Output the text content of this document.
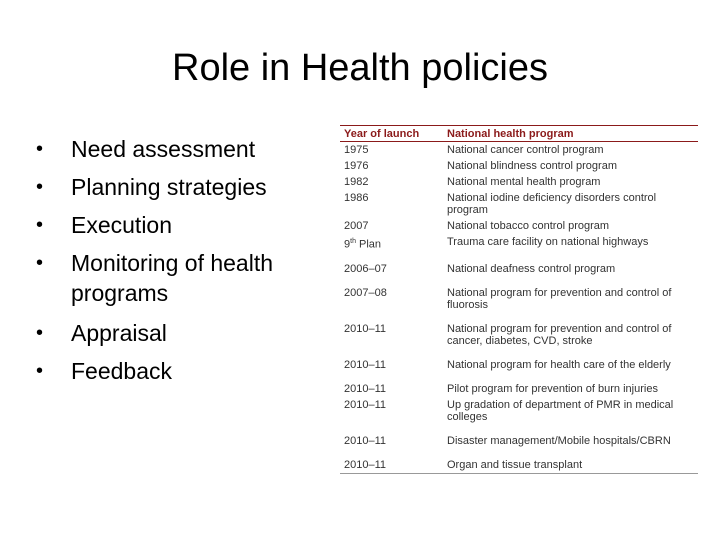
Role in Health policies
• Need assessment
• Planning strategies
• Execution
• Monitoring of health programs
• Appraisal
• Feedback
Year of launch	National health program
1975	National cancer control program
1976	National blindness control program
1982	National mental health program
1986	National iodine deficiency disorders control program
2007	National tobacco control program
9th Plan	Trauma care facility on national highways
2006–07	National deafness control program
2007–08	National program for prevention and control of fluorosis
2010–11	National program for prevention and control of cancer, diabetes, CVD, stroke
2010–11	National program for health care of the elderly
2010–11	Pilot program for prevention of burn injuries
2010–11	Up gradation of department of PMR in medical colleges
2010–11	Disaster management/Mobile hospitals/CBRN
2010–11	Organ and tissue transplant
